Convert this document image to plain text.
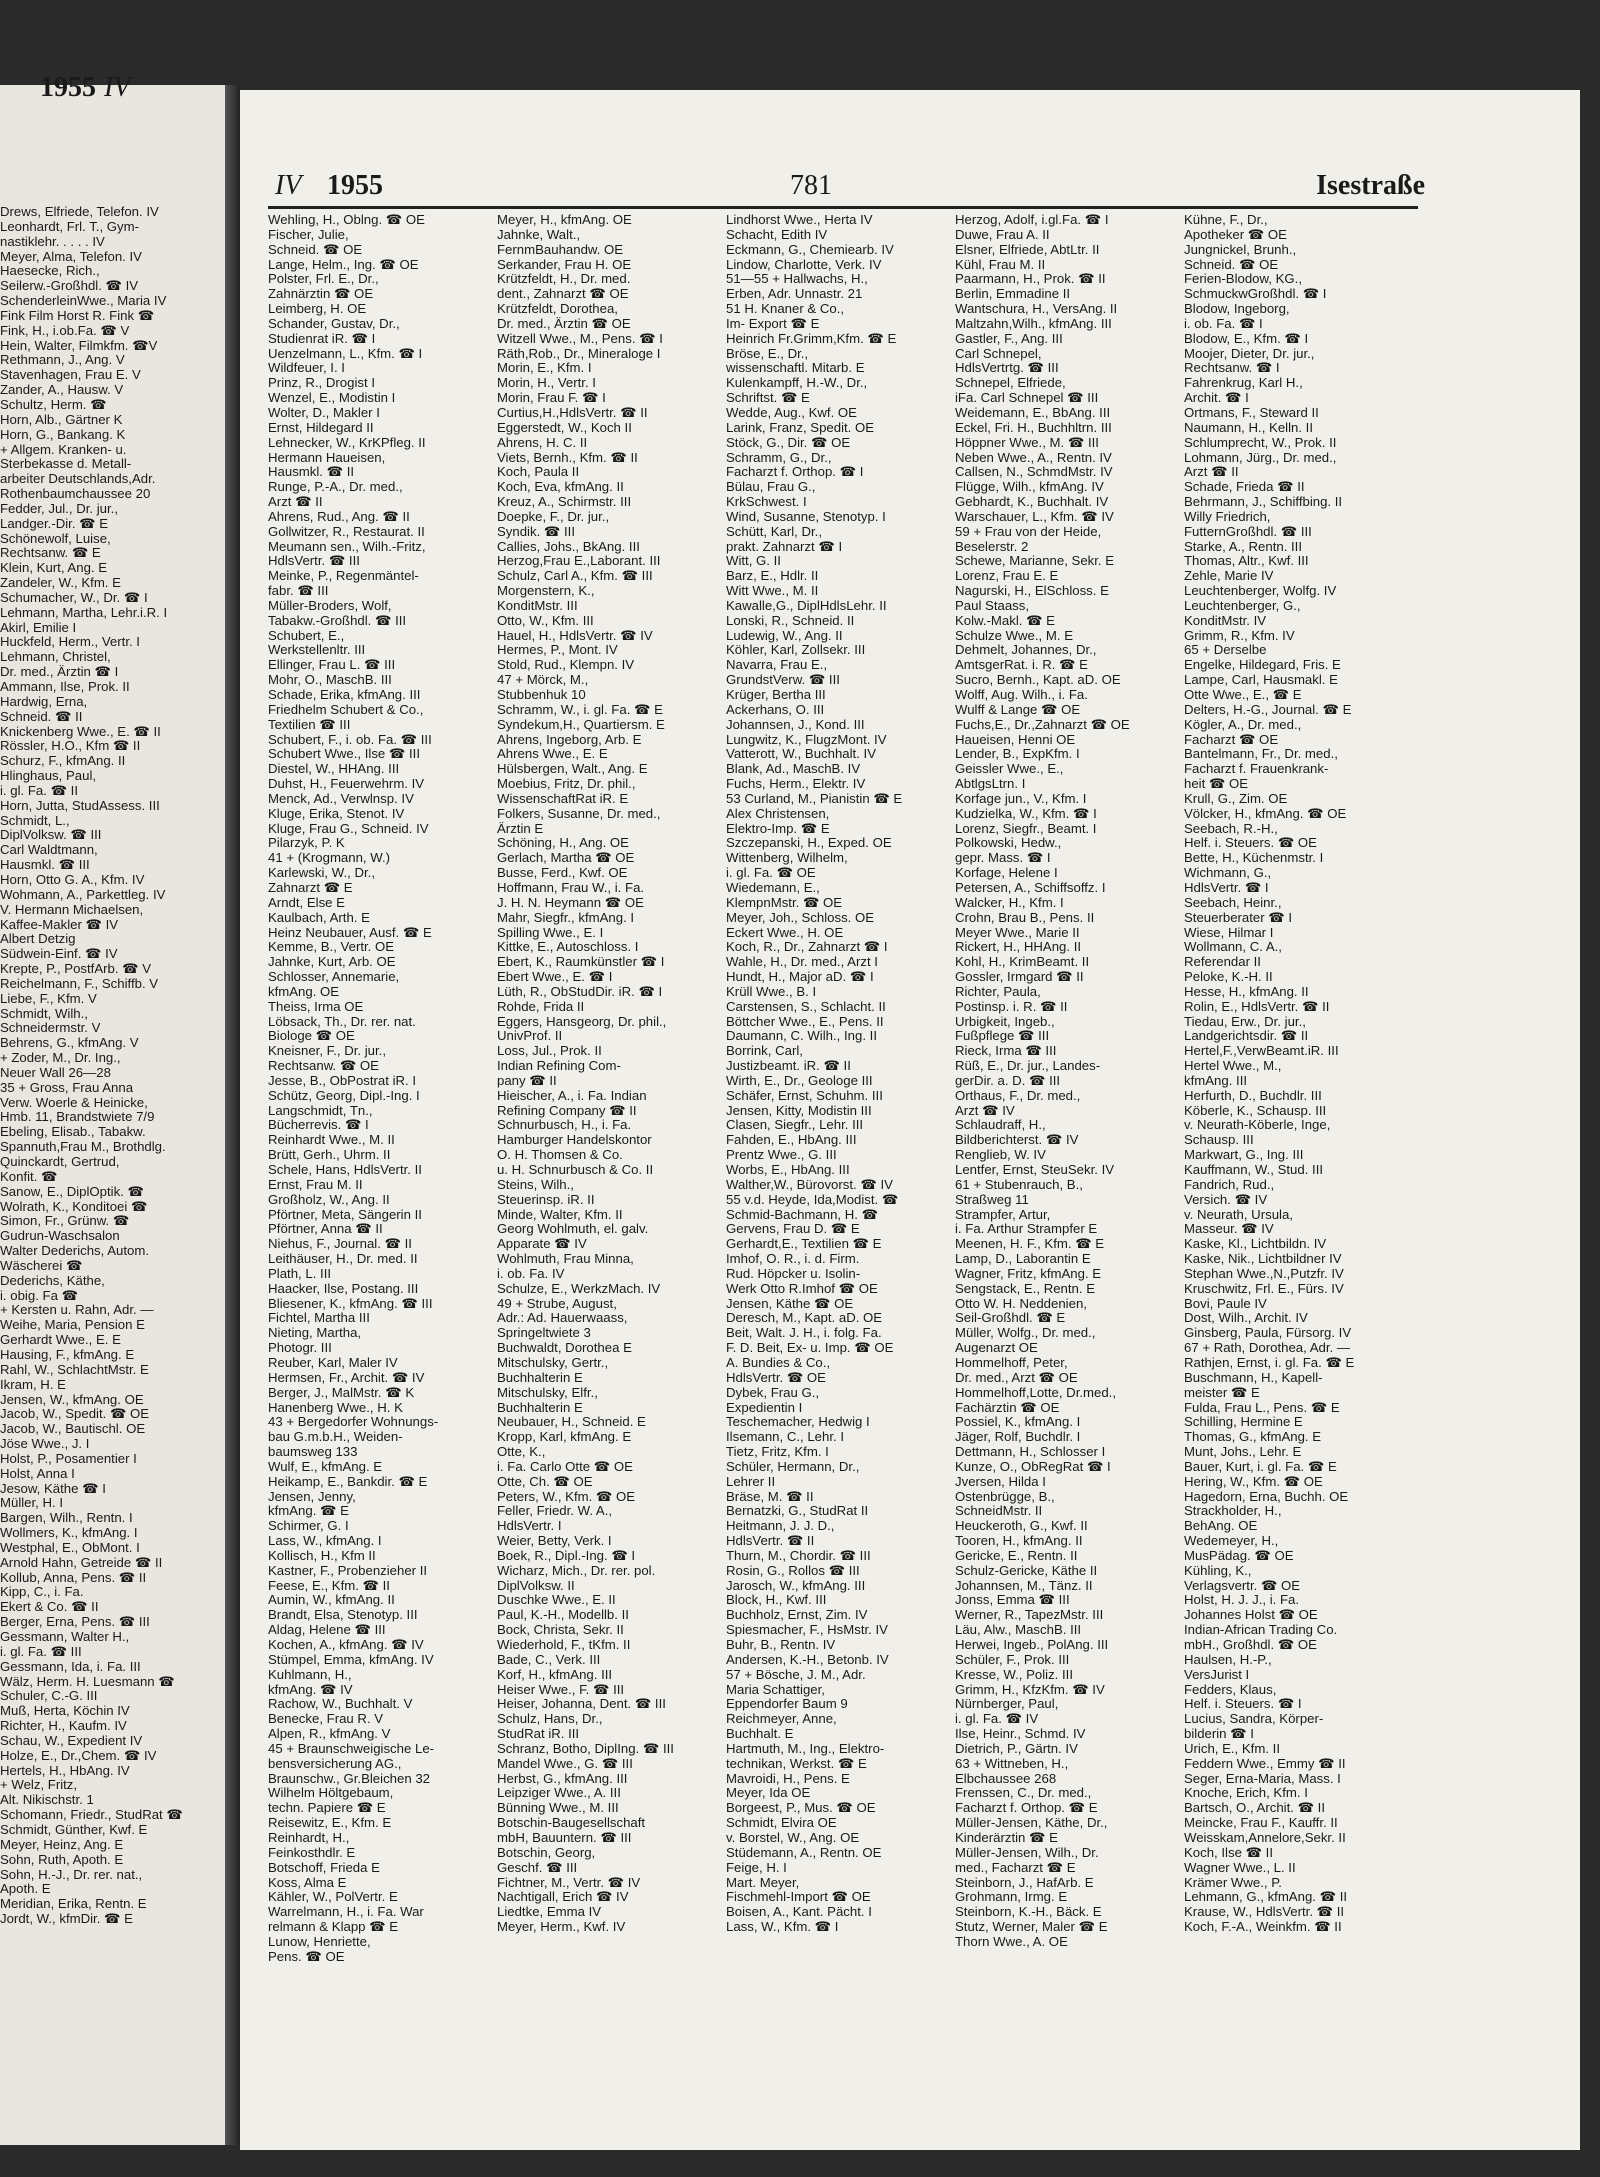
1955 IV
Drews, Elfriede, Telefon. IV
Leonhardt, Frl. T., Gym-
nastiklehr. . . . . IV
Meyer, Alma, Telefon. IV
Haesecke, Rich.,
Seilerw.-Großhdl. ☎ IV
SchenderleinWwe., Maria IV
Fink Film Horst R. Fink ☎
Fink, H., i.ob.Fa. ☎ V
Hein, Walter, Filmkfm. ☎V
Rethmann, J., Ang. V
Stavenhagen, Frau E. V
Zander, A., Hausw. V
Schultz, Herm. ☎
Horn, Alb., Gärtner K
Horn, G., Bankang. K
+ Allgem. Kranken- u.
Sterbekasse d. Metall-
arbeiter Deutschlands,Adr.
Rothenbaumchaussee 20
Fedder, Jul., Dr. jur.,
Landger.-Dir. ☎ E
Schönewolf, Luise,
Rechtsanw. ☎ E
Klein, Kurt, Ang. E
Zandeler, W., Kfm. E
Schumacher, W., Dr. ☎ I
Lehmann, Martha, Lehr.i.R. I
Akirl, Emilie I
Huckfeld, Herm., Vertr. I
Lehmann, Christel,
Dr. med., Ärztin ☎ I
Ammann, Ilse, Prok. II
Hardwig, Erna,
Schneid. ☎ II
Knickenberg Wwe., E. ☎ II
Rössler, H.O., Kfm ☎ II
Schurz, F., kfmAng. II
Hlinghaus, Paul,
i. gl. Fa. ☎ II
Horn, Jutta, StudAssess. III
Schmidt, L.,
DiplVolksw. ☎ III
Carl Waldtmann,
Hausmkl. ☎ III
Horn, Otto G. A., Kfm. IV
Wohmann, A., Parkettleg. IV
V. Hermann Michaelsen,
Kaffee-Makler ☎ IV
Albert Detzig
Südwein-Einf. ☎ IV
Krepte, P., PostfArb. ☎ V
Reichelmann, F., Schiffb. V
Liebe, F., Kfm. V
Schmidt, Wilh.,
Schneidermstr. V
Behrens, G., kfmAng. V
+ Zoder, M., Dr. Ing.,
Neuer Wall 26—28
35 + Gross, Frau Anna
Verw. Woerle & Heinicke,
Hmb. 11, Brandstwiete 7/9
Ebeling, Elisab., Tabakw.
Spannuth,Frau M., Brothdlg.
Quinckardt, Gertrud,
Konfit. ☎
Sanow, E., DiplOptik. ☎
Wolrath, K., Konditoei ☎
Simon, Fr., Grünw. ☎
Gudrun-Waschsalon
Walter Dederichs, Autom.
Wäscherei ☎
Dederichs, Käthe,
i. obig. Fa ☎
+ Kersten u. Rahn, Adr. —
Weihe, Maria, Pension E
Gerhardt Wwe., E. E
Hausing, F., kfmAng. E
Rahl, W., SchlachtMstr. E
Ikram, H. E
Jensen, W., kfmAng. OE
Jacob, W., Spedit. ☎ OE
Jacob, W., Bautischl. OE
Jöse Wwe., J. I
Holst, P., Posamentier I
Holst, Anna I
Jesow, Käthe ☎ I
Müller, H. I
Bargen, Wilh., Rentn. I
Wollmers, K., kfmAng. I
Westphal, E., ObMont. I
Arnold Hahn, Getreide ☎ II
Kollub, Anna, Pens. ☎ II
Kipp, C., i. Fa.
Ekert & Co. ☎ II
Berger, Erna, Pens. ☎ III
Gessmann, Walter H.,
i. gl. Fa. ☎ III
Gessmann, Ida, i. Fa. III
Wälz, Herm. H. Luesmann ☎
Schuler, C.-G. III
Muß, Herta, Köchin IV
Richter, H., Kaufm. IV
Schau, W., Expedient IV
Holze, E., Dr.,Chem. ☎ IV
Hertels, H., HbAng. IV
+ Welz, Fritz,
Alt. Nikischstr. 1
Schomann, Friedr., StudRat ☎
Schmidt, Günther, Kwf. E
Meyer, Heinz, Ang. E
Sohn, Ruth, Apoth. E
Sohn, H.-J., Dr. rer. nat.,
Apoth. E
Meridian, Erika, Rentn. E
Jordt, W., kfmDir. ☎ E
IV 1955	781	Isestraße
Wehling, H., Oblng. ☎ OE
Fischer, Julie,
Schneid. ☎ OE
Lange, Helm., Ing. ☎ OE
Polster, Frl. E., Dr.,
Zahnärztin ☎ OE
Leimberg, H. OE
Schander, Gustav, Dr.,
Studienrat iR. ☎ I
Uenzelmann, L., Kfm. ☎ I
Wildfeuer, I. I
Prinz, R., Drogist I
Wenzel, E., Modistin I
Wolter, D., Makler I
Ernst, Hildegard II
Lehnecker, W., KrKPfleg. II
Hermann Haueisen,
Hausmkl. ☎ II
Runge, P.-A., Dr. med.,
Arzt ☎ II
Ahrens, Rud., Ang. ☎ II
Gollwitzer, R., Restaurat. II
Meumann sen., Wilh.-Fritz,
HdlsVertr. ☎ III
Meinke, P., Regenmäntel-
fabr. ☎ III
Müller-Broders, Wolf,
Tabakw.-Großhdl. ☎ III
Schubert, E.,
Werkstellenltr. III
Ellinger, Frau L. ☎ III
Mohr, O., MaschB. III
Schade, Erika, kfmAng. III
Friedhelm Schubert & Co.,
Textilien ☎ III
Schubert, F., i. ob. Fa. ☎ III
Schubert Wwe., Ilse ☎ III
Diestel, W., HHAng. III
Duhst, H., Feuerwehrm. IV
Menck, Ad., Verwlnsp. IV
Kluge, Erika, Stenot. IV
Kluge, Frau G., Schneid. IV
Pilarzyk, P. K
41 + (Krogmann, W.)
Karlewski, W., Dr.,
Zahnarzt ☎ E
Arndt, Else E
Kaulbach, Arth. E
Heinz Neubauer, Ausf. ☎ E
Kemme, B., Vertr. OE
Jahnke, Kurt, Arb. OE
Schlosser, Annemarie,
kfmAng. OE
Theiss, Irma OE
Löbsack, Th., Dr. rer. nat.
Biologe ☎ OE
Kneisner, F., Dr. jur.,
Rechtsanw. ☎ OE
Jesse, B., ObPostrat iR. I
Schütz, Georg, Dipl.-Ing. I
Langschmidt, Tn.,
Bücherrevis. ☎ I
Reinhardt Wwe., M. II
Brütt, Gerh., Uhrm. II
Schele, Hans, HdlsVertr. II
Ernst, Frau M. II
Großholz, W., Ang. II
Pförtner, Meta, Sängerin II
Pförtner, Anna ☎ II
Niehus, F., Journal. ☎ II
Leithäuser, H., Dr. med. II
Plath, L. III
Haacker, Ilse, Postang. III
Bliesener, K., kfmAng. ☎ III
Fichtel, Martha III
Nieting, Martha,
Photogr. III
Reuber, Karl, Maler IV
Hermsen, Fr., Archit. ☎ IV
Berger, J., MalMstr. ☎ K
Hanenberg Wwe., H. K
43 + Bergedorfer Wohnungs-
bau G.m.b.H., Weiden-
baumsweg 133
Wulf, E., kfmAng. E
Heikamp, E., Bankdir. ☎ E
Jensen, Jenny,
kfmAng. ☎ E
Schirmer, G. I
Lass, W., kfmAng. I
Kollisch, H., Kfm II
Kastner, F., Probenzieher II
Feese, E., Kfm. ☎ II
Aumin, W., kfmAng. II
Brandt, Elsa, Stenotyp. III
Aldag, Helene ☎ III
Kochen, A., kfmAng. ☎ IV
Stümpel, Emma, kfmAng. IV
Kuhlmann, H.,
kfmAng. ☎ IV
Rachow, W., Buchhalt. V
Benecke, Frau R. V
Alpen, R., kfmAng. V
45 + Braunschweigische Le-
bensversicherung AG.,
Braunschw., Gr.Bleichen 32
Wilhelm Höltgebaum,
techn. Papiere ☎ E
Reisewitz, E., Kfm. E
Reinhardt, H.,
Feinkosthdlr. E
Botschoff, Frieda E
Koss, Alma E
Kähler, W., PolVertr. E
Warrelmann, H., i. Fa. War
relmann & Klapp ☎ E
Lunow, Henriette,
Pens. ☎ OE
Meyer, H., kfmAng. OE
Jahnke, Walt.,
FernmBauhandw. OE
Serkander, Frau H. OE
Krützfeldt, H., Dr. med.
dent., Zahnarzt ☎ OE
Krützfeldt, Dorothea,
Dr. med., Ärztin ☎ OE
Witzell Wwe., M., Pens. ☎ I
Räth,Rob., Dr., Mineraloge I
Morin, E., Kfm. I
Morin, H., Vertr. I
Morin, Frau F. ☎ I
Curtius,H.,HdlsVertr. ☎ II
Eggerstedt, W., Koch II
Ahrens, H. C. II
Viets, Bernh., Kfm. ☎ II
Koch, Paula II
Koch, Eva, kfmAng. II
Kreuz, A., Schirmstr. III
Doepke, F., Dr. jur.,
Syndik. ☎ III
Callies, Johs., BkAng. III
Herzog,Frau E.,Laborant. III
Schulz, Carl A., Kfm. ☎ III
Morgenstern, K.,
KonditMstr. III
Otto, W., Kfm. III
Hauel, H., HdlsVertr. ☎ IV
Hermes, P., Mont. IV
Stold, Rud., Klempn. IV
47 + Mörck, M.,
Stubbenhuk 10
Schramm, W., i. gl. Fa. ☎ E
Syndekum,H., Quartiersm. E
Ahrens, Ingeborg, Arb. E
Ahrens Wwe., E. E
Hülsbergen, Walt., Ang. E
Moebius, Fritz, Dr. phil.,
WissenschaftRat iR. E
Folkers, Susanne, Dr. med.,
Ärztin E
Schöning, H., Ang. OE
Gerlach, Martha ☎ OE
Busse, Ferd., Kwf. OE
Hoffmann, Frau W., i. Fa.
J. H. N. Heymann ☎ OE
Mahr, Siegfr., kfmAng. I
Spilling Wwe., E. I
Kittke, E., Autoschloss. I
Ebert, K., Raumkünstler ☎ I
Ebert Wwe., E. ☎ I
Lüth, R., ObStudDir. iR. ☎ I
Rohde, Frida II
Eggers, Hansgeorg, Dr. phil.,
UnivProf. II
Loss, Jul., Prok. II
Indian Refining Com-
pany ☎ II
Hieischer, A., i. Fa. Indian
Refining Company ☎ II
Schnurbusch, H., i. Fa.
Hamburger Handelskontor
O. H. Thomsen & Co.
u. H. Schnurbusch & Co. II
Steins, Wilh.,
Steuerinsp. iR. II
Minde, Walter, Kfm. II
Georg Wohlmuth, el. galv.
Apparate ☎ IV
Wohlmuth, Frau Minna,
i. ob. Fa. IV
Schulze, E., WerkzMach. IV
49 + Strube, August,
Adr.: Ad. Hauerwaass,
Springeltwiete 3
Buchwaldt, Dorothea E
Mitschulsky, Gertr.,
Buchhalterin E
Mitschulsky, Elfr.,
Buchhalterin E
Neubauer, H., Schneid. E
Kropp, Karl, kfmAng. E
Otte, K.,
i. Fa. Carlo Otte ☎ OE
Otte, Ch. ☎ OE
Peters, W., Kfm. ☎ OE
Feller, Friedr. W. A.,
HdlsVertr. I
Weier, Betty, Verk. I
Boek, R., Dipl.-Ing. ☎ I
Wicharz, Mich., Dr. rer. pol.
DiplVolksw. II
Duschke Wwe., E. II
Paul, K.-H., Modellb. II
Bock, Christa, Sekr. II
Wiederhold, F., tKfm. II
Bade, C., Verk. III
Korf, H., kfmAng. III
Heiser Wwe., F. ☎ III
Heiser, Johanna, Dent. ☎ III
Schulz, Hans, Dr.,
StudRat iR. III
Schranz, Botho, DiplIng. ☎ III
Mandel Wwe., G. ☎ III
Herbst, G., kfmAng. III
Leipziger Wwe., A. III
Bünning Wwe., M. III
Botschin-Baugesellschaft
mbH, Bauuntern. ☎ III
Botschin, Georg,
Geschf. ☎ III
Fichtner, M., Vertr. ☎ IV
Nachtigall, Erich ☎ IV
Liedtke, Emma IV
Meyer, Herm., Kwf. IV
Lindhorst Wwe., Herta IV
Schacht, Edith IV
Eckmann, G., Chemiearb. IV
Lindow, Charlotte, Verk. IV
51—55 + Hallwachs, H.,
Erben, Adr. Unnastr. 21
51 H. Knaner & Co.,
Im- Export ☎ E
Heinrich Fr.Grimm,Kfm. ☎ E
Bröse, E., Dr.,
wissenschaftl. Mitarb. E
Kulenkampff, H.-W., Dr.,
Schriftst. ☎ E
Wedde, Aug., Kwf. OE
Larink, Franz, Spedit. OE
Stöck, G., Dir. ☎ OE
Schramm, G., Dr.,
Facharzt f. Orthop. ☎ I
Bülau, Frau G.,
KrkSchwest. I
Wind, Susanne, Stenotyp. I
Schütt, Karl, Dr.,
prakt. Zahnarzt ☎ I
Witt, G. II
Barz, E., Hdlr. II
Witt Wwe., M. II
Kawalle,G., DiplHdlsLehr. II
Lonski, R., Schneid. II
Ludewig, W., Ang. II
Köhler, Karl, Zollsekr. III
Navarra, Frau E.,
GrundstVerw. ☎ III
Krüger, Bertha III
Ackerhans, O. III
Johannsen, J., Kond. III
Lungwitz, K., FlugzMont. IV
Vatterott, W., Buchhalt. IV
Blank, Ad., MaschB. IV
Fuchs, Herm., Elektr. IV
53 Curland, M., Pianistin ☎ E
Alex Christensen,
Elektro-Imp. ☎ E
Szczepanski, H., Exped. OE
Wittenberg, Wilhelm,
i. gl. Fa. ☎ OE
Wiedemann, E.,
KlempnMstr. ☎ OE
Meyer, Joh., Schloss. OE
Eckert Wwe., H. OE
Koch, R., Dr., Zahnarzt ☎ I
Wahle, H., Dr. med., Arzt I
Hundt, H., Major aD. ☎ I
Krüll Wwe., B. I
Carstensen, S., Schlacht. II
Böttcher Wwe., E., Pens. II
Daumann, C. Wilh., Ing. II
Borrink, Carl,
Justizbeamt. iR. ☎ II
Wirth, E., Dr., Geologe III
Schäfer, Ernst, Schuhm. III
Jensen, Kitty, Modistin III
Clasen, Siegfr., Lehr. III
Fahden, E., HbAng. III
Prentz Wwe., G. III
Worbs, E., HbAng. III
Walther,W., Bürovorst. ☎ IV
55 v.d. Heyde, Ida,Modist. ☎
Schmid-Bachmann, H. ☎
Gervens, Frau D. ☎ E
Gerhardt,E., Textilien ☎ E
Imhof, O. R., i. d. Firm.
Rud. Höpcker u. Isolin-
Werk Otto R.Imhof ☎ OE
Jensen, Käthe ☎ OE
Deresch, M., Kapt. aD. OE
Beit, Walt. J. H., i. folg. Fa.
F. D. Beit, Ex- u. Imp. ☎ OE
A. Bundies & Co.,
HdlsVertr. ☎ OE
Dybek, Frau G.,
Expedientin I
Teschemacher, Hedwig I
Ilsemann, C., Lehr. I
Tietz, Fritz, Kfm. I
Schüler, Hermann, Dr.,
Lehrer II
Bräse, M. ☎ II
Bernatzki, G., StudRat II
Heitmann, J. J. D.,
HdlsVertr. ☎ II
Thurn, M., Chordir. ☎ III
Rosin, G., Rollos ☎ III
Jarosch, W., kfmAng. III
Block, H., Kwf. III
Buchholz, Ernst, Zim. IV
Spiesmacher, F., HsMstr. IV
Buhr, B., Rentn. IV
Andersen, K.-H., Betonb. IV
57 + Bösche, J. M., Adr.
Maria Schattiger,
Eppendorfer Baum 9
Reichmeyer, Anne,
Buchhalt. E
Hartmuth, M., Ing., Elektro-
technikan, Werkst. ☎ E
Mavroidi, H., Pens. E
Meyer, Ida OE
Borgeest, P., Mus. ☎ OE
Schmidt, Elvira OE
v. Borstel, W., Ang. OE
Stüdemann, A., Rentn. OE
Feige, H. I
Mart. Meyer,
Fischmehl-Import ☎ OE
Boisen, A., Kant. Pächt. I
Lass, W., Kfm. ☎ I
Herzog, Adolf, i.gl.Fa. ☎ I
Duwe, Frau A. II
Elsner, Elfriede, AbtLtr. II
Kühl, Frau M. II
Paarmann, H., Prok. ☎ II
Berlin, Emmadine II
Wantschura, H., VersAng. II
Maltzahn,Wilh., kfmAng. III
Gastler, F., Ang. III
Carl Schnepel,
HdlsVertrtg. ☎ III
Schnepel, Elfriede,
iFa. Carl Schnepel ☎ III
Weidemann, E., BbAng. III
Eckel, Fri. H., Buchhltrn. III
Höppner Wwe., M. ☎ III
Neben Wwe., A., Rentn. IV
Callsen, N., SchmdMstr. IV
Flügge, Wilh., kfmAng. IV
Gebhardt, K., Buchhalt. IV
Warschauer, L., Kfm. ☎ IV
59 + Frau von der Heide,
Beselerstr. 2
Schewe, Marianne, Sekr. E
Lorenz, Frau E. E
Nagurski, H., ElSchloss. E
Paul Staass,
Kolw.-Makl. ☎ E
Schulze Wwe., M. E
Dehmelt, Johannes, Dr.,
AmtsgerRat. i. R. ☎ E
Sucro, Bernh., Kapt. aD. OE
Wolff, Aug. Wilh., i. Fa.
Wulff & Lange ☎ OE
Fuchs,E., Dr.,Zahnarzt ☎ OE
Haueisen, Henni OE
Lender, B., ExpKfm. I
Geissler Wwe., E.,
AbtlgsLtrn. I
Korfage jun., V., Kfm. I
Kudzielka, W., Kfm. ☎ I
Lorenz, Siegfr., Beamt. I
Polkowski, Hedw.,
gepr. Mass. ☎ I
Korfage, Helene I
Petersen, A., Schiffsoffz. I
Walcker, H., Kfm. I
Crohn, Brau B., Pens. II
Meyer Wwe., Marie II
Rickert, H., HHAng. II
Kohl, H., KrimBeamt. II
Gossler, Irmgard ☎ II
Richter, Paula,
Postinsp. i. R. ☎ II
Urbigkeit, Ingeb.,
Fußpflege ☎ III
Rieck, Irma ☎ III
Rüß, E., Dr. jur., Landes-
gerDir. a. D. ☎ III
Orthaus, F., Dr. med.,
Arzt ☎ IV
Schlaudraff, H.,
Bildberichterst. ☎ IV
Renglieb, W. IV
Lentfer, Ernst, SteuSekr. IV
61 + Stubenrauch, B.,
Straßweg 11
Strampfer, Artur,
i. Fa. Arthur Strampfer E
Meenen, H. F., Kfm. ☎ E
Lamp, D., Laborantin E
Wagner, Fritz, kfmAng. E
Sengstack, E., Rentn. E
Otto W. H. Neddenien,
Seil-Großhdl. ☎ E
Müller, Wolfg., Dr. med.,
Augenarzt OE
Hommelhoff, Peter,
Dr. med., Arzt ☎ OE
Hommelhoff,Lotte, Dr.med.,
Fachärztin ☎ OE
Possiel, K., kfmAng. I
Jäger, Rolf, Buchdlr. I
Dettmann, H., Schlosser I
Kunze, O., ObRegRat ☎ I
Jversen, Hilda I
Ostenbrügge, B.,
SchneidMstr. II
Heuckeroth, G., Kwf. II
Tooren, H., kfmAng. II
Gericke, E., Rentn. II
Schulz-Gericke, Käthe II
Johannsen, M., Tänz. II
Jonss, Emma ☎ III
Werner, R., TapezMstr. III
Läu, Alw., MaschB. III
Herwei, Ingeb., PolAng. III
Schüler, F., Prok. III
Kresse, W., Poliz. III
Grimm, H., KfzKfm. ☎ IV
Nürnberger, Paul,
i. gl. Fa. ☎ IV
Ilse, Heinr., Schmd. IV
Dietrich, P., Gärtn. IV
63 + Wittneben, H.,
Elbchaussee 268
Frenssen, C., Dr. med.,
Facharzt f. Orthop. ☎ E
Müller-Jensen, Käthe, Dr.,
Kinderärztin ☎ E
Müller-Jensen, Wilh., Dr.
med., Facharzt ☎ E
Steinborn, J., HafArb. E
Grohmann, Irmg. E
Steinborn, K.-H., Bäck. E
Stutz, Werner, Maler ☎ E
Thorn Wwe., A. OE
Kühne, F., Dr.,
Apotheker ☎ OE
Jungnickel, Brunh.,
Schneid. ☎ OE
Ferien-Blodow, KG.,
SchmuckwGroßhdl. ☎ I
Blodow, Ingeborg,
i. ob. Fa. ☎ I
Blodow, E., Kfm. ☎ I
Moojer, Dieter, Dr. jur.,
Rechtsanw. ☎ I
Fahrenkrug, Karl H.,
Archit. ☎ I
Ortmans, F., Steward II
Naumann, H., Kelln. II
Schlumprecht, W., Prok. II
Lohmann, Jürg., Dr. med.,
Arzt ☎ II
Schade, Frieda ☎ II
Behrmann, J., Schiffbing. II
Willy Friedrich,
FutternGroßhdl. ☎ III
Starke, A., Rentn. III
Thomas, Altr., Kwf. III
Zehle, Marie IV
Leuchtenberger, Wolfg. IV
Leuchtenberger, G.,
KonditMstr. IV
Grimm, R., Kfm. IV
65 + Derselbe
Engelke, Hildegard, Fris. E
Lampe, Carl, Hausmakl. E
Otte Wwe., E., ☎ E
Delters, H.-G., Journal. ☎ E
Kögler, A., Dr. med.,
Facharzt ☎ OE
Bantelmann, Fr., Dr. med.,
Facharzt f. Frauenkrank-
heit ☎ OE
Krull, G., Zim. OE
Völcker, H., kfmAng. ☎ OE
Seebach, R.-H.,
Helf. i. Steuers. ☎ OE
Bette, H., Küchenmstr. I
Wichmann, G.,
HdlsVertr. ☎ I
Seebach, Heinr.,
Steuerberater ☎ I
Wiese, Hilmar I
Wollmann, C. A.,
Referendar II
Peloke, K.-H. II
Hesse, H., kfmAng. II
Rolin, E., HdlsVertr. ☎ II
Tiedau, Erw., Dr. jur.,
Landgerichtsdir. ☎ II
Hertel,F.,VerwBeamt.iR. III
Hertel Wwe., M.,
kfmAng. III
Herfurth, D., Buchdlr. III
Köberle, K., Schausp. III
v. Neurath-Köberle, Inge,
Schausp. III
Markwart, G., Ing. III
Kauffmann, W., Stud. III
Fandrich, Rud.,
Versich. ☎ IV
v. Neurath, Ursula,
Masseur. ☎ IV
Kaske, Kl., Lichtbildn. IV
Kaske, Nik., Lichtbildner IV
Stephan Wwe.,N.,Putzfr. IV
Kruschwitz, Frl. E., Fürs. IV
Bovi, Paule IV
Dost, Wilh., Archit. IV
Ginsberg, Paula, Fürsorg. IV
67 + Rath, Dorothea, Adr. —
Rathjen, Ernst, i. gl. Fa. ☎ E
Buschmann, H., Kapell-
meister ☎ E
Fulda, Frau L., Pens. ☎ E
Schilling, Hermine E
Thomas, G., kfmAng. E
Munt, Johs., Lehr. E
Bauer, Kurt, i. gl. Fa. ☎ E
Hering, W., Kfm. ☎ OE
Hagedorn, Erna, Buchh. OE
Strackholder, H.,
BehAng. OE
Wedemeyer, H.,
MusPädag. ☎ OE
Kühling, K.,
Verlagsvertr. ☎ OE
Holst, H. J. J., i. Fa.
Johannes Holst ☎ OE
Indian-African Trading Co.
mbH., Großhdl. ☎ OE
Haulsen, H.-P.,
VersJurist I
Fedders, Klaus,
Helf. i. Steuers. ☎ I
Lucius, Sandra, Körper-
bilderin ☎ I
Urich, E., Kfm. II
Feddern Wwe., Emmy ☎ II
Seger, Erna-Maria, Mass. I
Knoche, Erich, Kfm. I
Bartsch, O., Archit. ☎ II
Meincke, Frau F., Kauffr. II
Weisskam,Annelore,Sekr. II
Koch, Ilse ☎ II
Wagner Wwe., L. II
Krämer Wwe., P.
Lehmann, G., kfmAng. ☎ II
Krause, W., HdlsVertr. ☎ II
Koch, F.-A., Weinkfm. ☎ II
